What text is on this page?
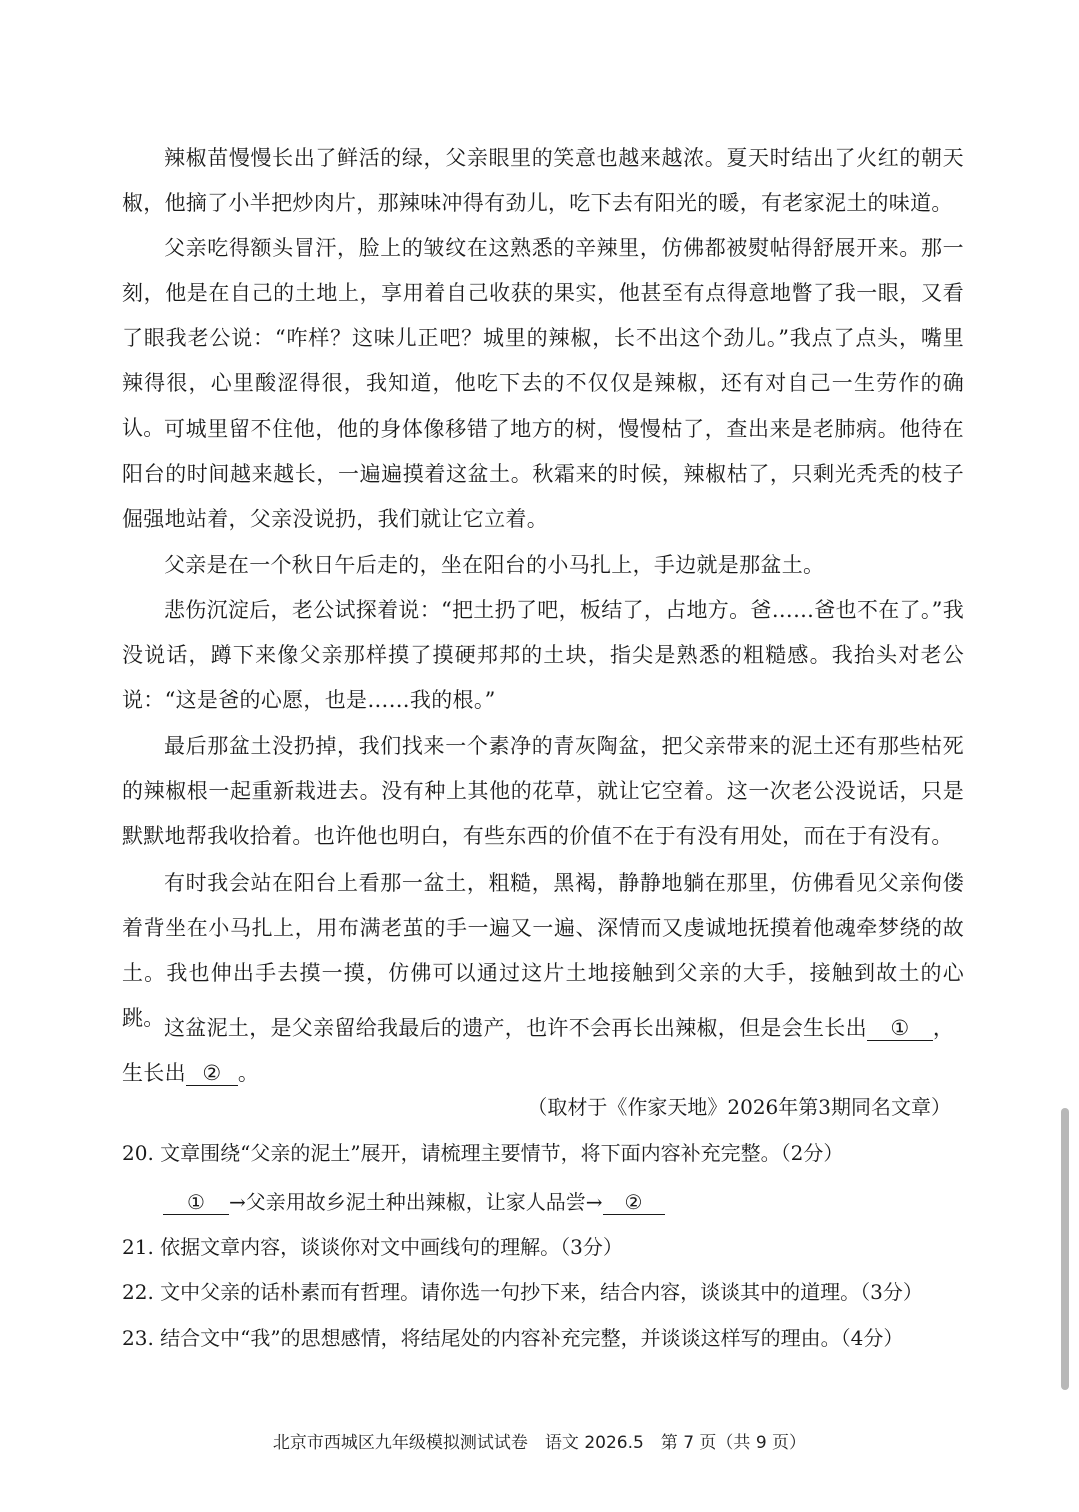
辣椒苗慢慢长出了鲜活的绿，父亲眼里的笑意也越来越浓。夏天时结出了火红的朝天椒，他摘了小半把炒肉片，那辣味冲得有劲儿，吃下去有阳光的暖，有老家泥土的味道。

父亲吃得额头冒汗，脸上的皱纹在这熟悉的辛辣里，仿佛都被熨帖得舒展开来。那一刻，他是在自己的土地上，享用着自己收获的果实，他甚至有点得意地瞥了我一眼，又看了眼我老公说：“咋样？这味儿正吧？城里的辣椒，长不出这个劲儿。”我点了点头，嘴里辣得很，心里酸涩得很，我知道，他吃下去的不仅仅是辣椒，还有对自己一生劳作的确认。 可城里留不住他，他的身体像移错了地方的树，慢慢枯了，查出来是老肺病。他待在阳台的时间越来越长，一遍遍摸着这盆土。秋霜来的时候，辣椒枯了，只剩光秃秃的枝子倔强地站着，父亲没说扔，我们就让它立着。

父亲是在一个秋日午后走的，坐在阳台的小马扎上，手边就是那盆土。

悲伤沉淀后，老公试探着说：“把土扔了吧，板结了，占地方。爸……爸也不在了。”我没说话，蹲下来像父亲那样摸了摸硬邦邦的土块，指尖是熟悉的粗糙感。我抬头对老公说：“这是爸的心愿，也是……我的根。”

最后那盆土没扔掉，我们找来一个素净的青灰陶盆，把父亲带来的泥土还有那些枯死的辣椒根一起重新栽进去。没有种上其他的花草，就让它空着。这一次老公没说话，只是默默地帮我收拾着。也许他也明白，有些东西的价值不在于有没有用处，而在于有没有。

有时我会站在阳台上看那一盆土，粗糙，黑褐，静静地躺在那里，仿佛看见父亲佝偻着背坐在小马扎上，用布满老茧的手一遍又一遍、深情而又虔诚地抚摸着他魂牵梦绕的故土。我也伸出手去摸一摸，仿佛可以通过这片土地接触到父亲的大手，接触到故土的心跳。 这盆泥土，是父亲留给我最后的遗产，也许不会再长出辣椒，但是会生长出 ① ，
生长出 ② 。

（取材于《作家天地》2026年第3期同名文章）

20. 文章围绕“父亲的泥土”展开，请梳理主要情节，将下面内容补充完整。（2分）

① →父亲用故乡泥土种出辣椒，让家人品尝→ ②

21. 依据文章内容，谈谈你对文中画线句的理解。（3分）

22. 文中父亲的话朴素而有哲理。请你选一句抄下来，结合内容，谈谈其中的道理。（3分）

23. 结合文中“我”的思想感情，将结尾处的内容补充完整，并谈谈这样写的理由。（4分）

北京市西城区九年级模拟测试试卷　语文 2026.5　第 7 页（共 9 页）
